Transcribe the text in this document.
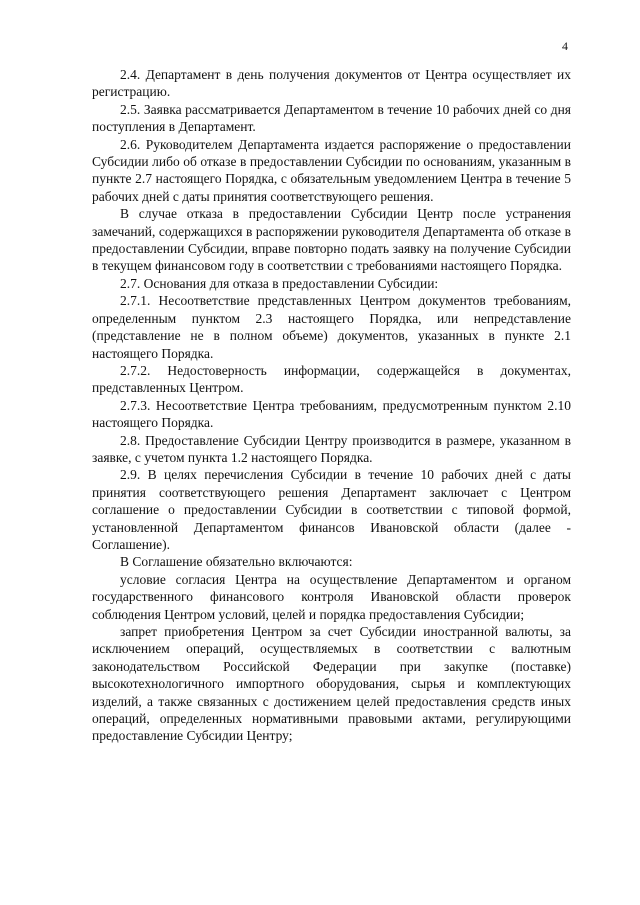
4

2.4. Департамент в день получения документов от Центра осуществляет их регистрацию.

2.5. Заявка рассматривается Департаментом в течение 10 рабочих дней со дня поступления в Департамент.

2.6. Руководителем Департамента издается распоряжение о предоставлении Субсидии либо об отказе в предоставлении Субсидии по основаниям, указанным в пункте 2.7 настоящего Порядка, с обязательным уведомлением Центра в течение 5 рабочих дней с даты принятия соответствующего решения.

В случае отказа в предоставлении Субсидии Центр после устранения замечаний, содержащихся в распоряжении руководителя Департамента об отказе в предоставлении Субсидии, вправе повторно подать заявку на получение Субсидии в текущем финансовом году в соответствии с требованиями настоящего Порядка.

2.7. Основания для отказа в предоставлении Субсидии:

2.7.1. Несоответствие представленных Центром документов требованиям, определенным пунктом 2.3 настоящего Порядка, или непредставление (представление не в полном объеме) документов, указанных в пункте 2.1 настоящего Порядка.

2.7.2. Недостоверность информации, содержащейся в документах, представленных Центром.

2.7.3. Несоответствие Центра требованиям, предусмотренным пунктом 2.10 настоящего Порядка.

2.8. Предоставление Субсидии Центру производится в размере, указанном в заявке, с учетом пункта 1.2 настоящего Порядка.

2.9. В целях перечисления Субсидии в течение 10 рабочих дней с даты принятия соответствующего решения Департамент заключает с Центром соглашение о предоставлении Субсидии в соответствии с типовой формой, установленной Департаментом финансов Ивановской области (далее - Соглашение).

В Соглашение обязательно включаются:

условие согласия Центра на осуществление Департаментом и органом государственного финансового контроля Ивановской области проверок соблюдения Центром условий, целей и порядка предоставления Субсидии;

запрет приобретения Центром за счет Субсидии иностранной валюты, за исключением операций, осуществляемых в соответствии с валютным законодательством Российской Федерации при закупке (поставке) высокотехнологичного импортного оборудования, сырья и комплектующих изделий, а также связанных с достижением целей предоставления средств иных операций, определенных нормативными правовыми актами, регулирующими предоставление Субсидии Центру;
